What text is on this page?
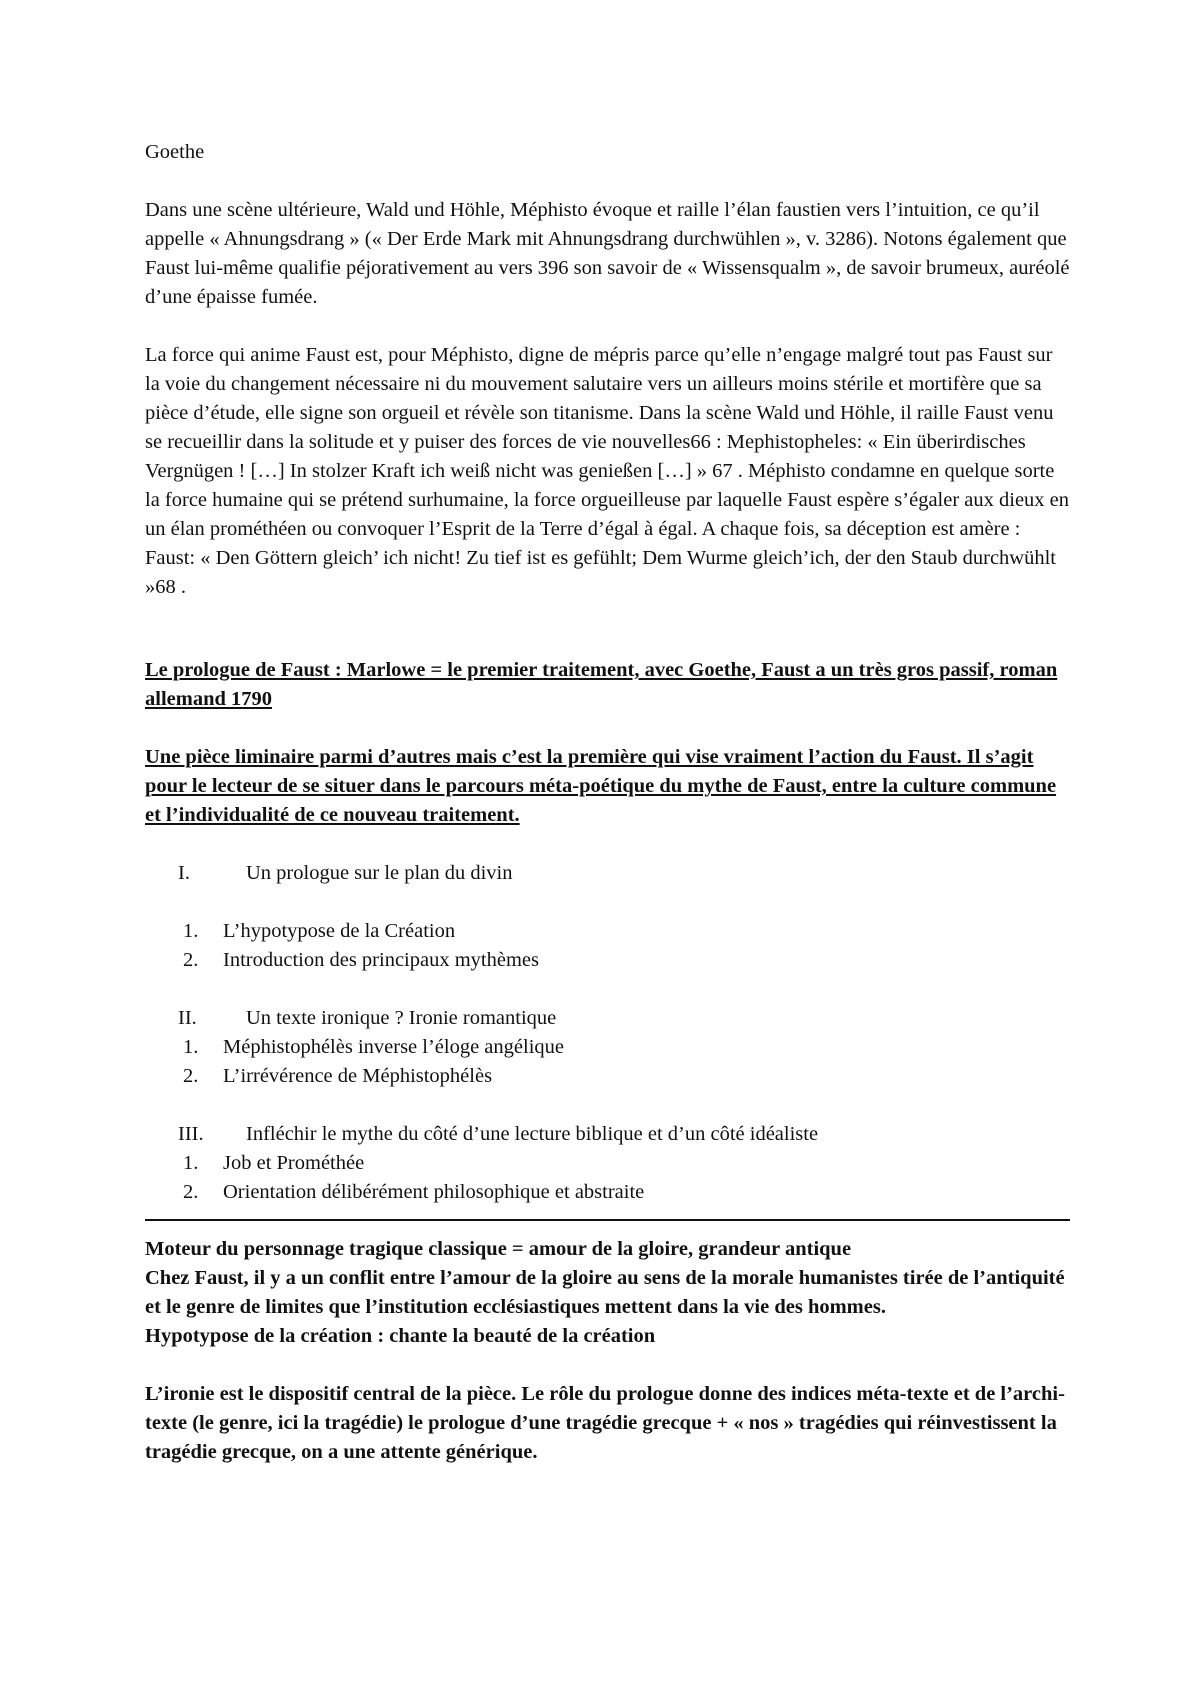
Goethe

Dans une scène ultérieure, Wald und Höhle, Méphisto évoque et raille l’élan faustien vers l’intuition, ce qu’il appelle « Ahnungsdrang » (« Der Erde Mark mit Ahnungsdrang durchwühlen », v. 3286). Notons également que Faust lui-même qualifie péjorativement au vers 396 son savoir de « Wissensqualm », de savoir brumeux, auréolé d’une épaisse fumée.

La force qui anime Faust est, pour Méphisto, digne de mépris parce qu’elle n’engage malgré tout pas Faust sur la voie du changement nécessaire ni du mouvement salutaire vers un ailleurs moins stérile et mortifère que sa pièce d’étude, elle signe son orgueil et révèle son titanisme. Dans la scène Wald und Höhle, il raille Faust venu se recueillir dans la solitude et y puiser des forces de vie nouvelles66 : Mephistopheles: « Ein überirdisches Vergnügen ! […] In stolzer Kraft ich weiß nicht was genießen […] » 67 . Méphisto condamne en quelque sorte la force humaine qui se prétend surhumaine, la force orgueilleuse par laquelle Faust espère s’égaler aux dieux en un élan prométhéen ou convoquer l’Esprit de la Terre d’égal à égal. A chaque fois, sa déception est amère : Faust: « Den Göttern gleich’ ich nicht! Zu tief ist es gefühlt; Dem Wurme gleich’ich, der den Staub durchwühlt »68 .

Le prologue de Faust : Marlowe = le premier traitement, avec Goethe, Faust a un très gros passif, roman allemand 1790

Une pièce liminaire parmi d’autres mais c’est la première qui vise vraiment l’action du Faust. Il s’agit pour le lecteur de se situer dans le parcours méta-poétique du mythe de Faust, entre la culture commune et l’individualité de ce nouveau traitement.

I.	Un prologue sur le plan du divin
1.	L’hypotypose de la Création
2.	Introduction des principaux mythèmes
II.	Un texte ironique ? Ironie romantique
1.	Méphistophélès inverse l’éloge angélique
2.	L’irrévérence de Méphistophélès
III.	Infléchir le mythe du côté d’une lecture biblique et d’un côté idéaliste
1.	Job et Prométhée
2.	Orientation délibérément philosophique et abstraite

Moteur du personnage tragique classique = amour de la gloire, grandeur antique

Chez Faust, il y a un conflit entre l’amour de la gloire au sens de la morale humanistes tirée de l’antiquité et le genre de limites que l’institution ecclésiastiques mettent dans la vie des hommes.

Hypotypose de la création : chante la beauté de la création

L’ironie est le dispositif central de la pièce. Le rôle du prologue donne des indices méta-texte et de l’archi-texte (le genre, ici la tragédie) le prologue d’une tragédie grecque + « nos » tragédies qui réinvestissent la tragédie grecque, on a une attente générique.
